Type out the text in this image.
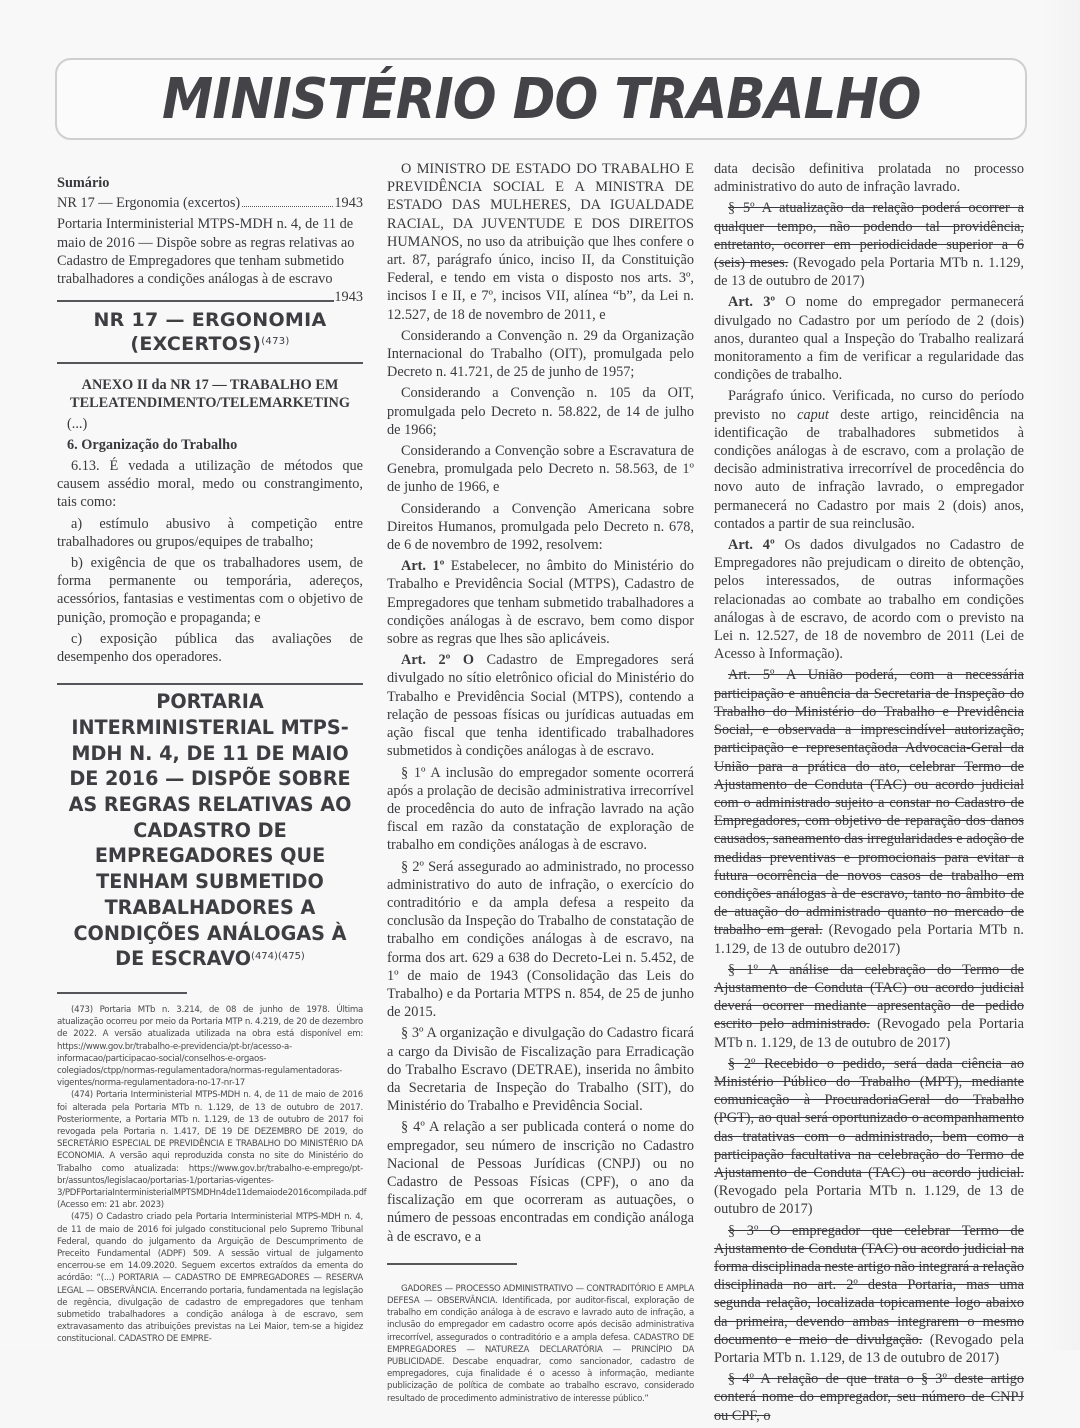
MINISTÉRIO DO TRABALHO
Sumário
NR 17 — Ergonomia (excertos)	1943
Portaria Interministerial MTPS-MDH n. 4, de 11 de maio de 2016 — Dispõe sobre as regras relativas ao Cadastro de Empregadores que tenham submetido trabalhadores a condições análogas à de escravo
1943
NR 17 — ERGONOMIA (EXCERTOS)$^{(473)}$
ANEXO II da NR 17 — TRABALHO EM TELEATENDIMENTO/TELEMARKETING

(...)

6. Organização do Trabalho

6.13. É vedada a utilização de métodos que causem assédio moral, medo ou constrangimento, tais como:

a) estímulo abusivo à competição entre trabalhadores ou grupos/equipes de trabalho;

b) exigência de que os trabalhadores usem, de forma permanente ou temporária, adereços, acessórios, fantasias e vestimentas com o objetivo de punição, promoção e propaganda; e

c) exposição pública das avaliações de desempenho dos operadores.

PORTARIA INTERMINISTERIAL MTPS-MDH N. 4, DE 11 DE MAIO DE 2016 — DISPÕE SOBRE AS REGRAS RELATIVAS AO CADASTRO DE EMPREGADORES QUE TENHAM SUBMETIDO TRABALHADORES A CONDIÇÕES ANÁLOGAS À DE $ESCRAVO^{(474)(475)}$

(473) Portaria MTb n. 3.214, de 08 de junho de 1978. Última atualização ocorreu por meio da Portaria MTP n. 4.219, de 20 de dezembro de 2022. A versão atualizada utilizada na obra está disponível em: https://www.gov.br/trabalho-e-previdencia/pt-br/acesso-a-informacao/participacao-social/conselhos-e-orgaos-colegiados/ctpp/normas-regulamentadora/normas-regulamentadoras-vigentes/norma-regulamentadora-no-17-nr-17

(474) Portaria Interministerial MTPS-MDH n. 4, de 11 de maio de 2016 foi alterada pela Portaria MTb n. 1.129, de 13 de outubro de 2017. Posteriormente, a Portaria MTb n. 1.129, de 13 de outubro de 2017 foi revogada pela Portaria n. 1.417, DE 19 DE DEZEMBRO DE 2019, do SECRETÁRIO ESPECIAL DE PREVIDÊNCIA E TRABALHO DO MINISTÉRIO DA ECONOMIA. A versão aqui reproduzida consta no site do Ministério do Trabalho como atualizada: https://www.gov.br/trabalho-e-emprego/pt-br/assuntos/legislacao/portarias-1/portarias-vigentes-3/PDFPortariaInterministerialMPTSMDHn4de11demaiode2016compilada.pdf (Acesso em: 21 abr. 2023)

(475) O Cadastro criado pela Portaria Interministerial MTPS-MDH n. 4, de 11 de maio de 2016 foi julgado constitucional pelo Supremo Tribunal Federal, quando do julgamento da Arguição de Descumprimento de Preceito Fundamental (ADPF) 509. A sessão virtual de julgamento encerrou-se em 14.09.2020. Seguem excertos extraídos da ementa do acórdão: “(...) PORTARIA — CADASTRO DE EMPREGADORES — RESERVA LEGAL — OBSERVÂNCIA. Encerrando portaria, fundamentada na legislação de regência, divulgação de cadastro de empregadores que tenham submetido trabalhadores a condição análoga à de escravo, sem extravasamento das atribuições previstas na Lei Maior, tem-se a higidez constitucional. CADASTRO DE EMPRE-

O MINISTRO DE ESTADO DO TRABALHO E PREVIDÊNCIA SOCIAL E A MINISTRA DE ESTADO DAS MULHERES, DA IGUALDADE RACIAL, DA JUVENTUDE E DOS DIREITOS HUMANOS, no uso da atribuição que lhes confere o art. 87, parágrafo único, inciso II, da Constituição Federal, e tendo em vista o disposto nos arts. 3º, incisos I e II, e 7º, incisos VII, alínea “b”, da Lei n. 12.527, de 18 de novembro de 2011, e

Considerando a Convenção n. 29 da Organização Internacional do Trabalho (OIT), promulgada pelo Decreto n. 41.721, de 25 de junho de 1957;

Considerando a Convenção n. 105 da OIT, promulgada pelo Decreto n. 58.822, de 14 de julho de 1966;

Considerando a Convenção sobre a Escravatura de Genebra, promulgada pelo Decreto n. 58.563, de 1º de junho de 1966, e

Considerando a Convenção Americana sobre Direitos Humanos, promulgada pelo Decreto n. 678, de 6 de novembro de 1992, resolvem:

Art. 1º Estabelecer, no âmbito do Ministério do Trabalho e Previdência Social (MTPS), Cadastro de Empregadores que tenham submetido trabalhadores a condições análogas à de escravo, bem como dispor sobre as regras que lhes são aplicáveis.

Art. 2º O Cadastro de Empregadores será divulgado no sítio eletrônico oficial do Ministério do Trabalho e Previdência Social (MTPS), contendo a relação de pessoas físicas ou jurídicas autuadas em ação fiscal que tenha identificado trabalhadores submetidos à condições análogas à de escravo.

§ 1º A inclusão do empregador somente ocorrerá após a prolação de decisão administrativa irrecorrível de procedência do auto de infração lavrado na ação fiscal em razão da constatação de exploração de trabalho em condições análogas à de escravo.

§ 2º Será assegurado ao administrado, no processo administrativo do auto de infração, o exercício do contraditório e da ampla defesa a respeito da conclusão da Inspeção do Trabalho de constatação de trabalho em condições análogas à de escravo, na forma dos art. 629 a 638 do Decreto-Lei n. 5.452, de 1º de maio de 1943 (Consolidação das Leis do Trabalho) e da Portaria MTPS n. 854, de 25 de junho de 2015.

§ 3º A organização e divulgação do Cadastro ficará a cargo da Divisão de Fiscalização para Erradicação do Trabalho Escravo (DETRAE), inserida no âmbito da Secretaria de Inspeção do Trabalho (SIT), do Ministério do Trabalho e Previdência Social.

§ 4º A relação a ser publicada conterá o nome do empregador, seu número de inscrição no Cadastro Nacional de Pessoas Jurídicas (CNPJ) ou no Cadastro de Pessoas Físicas (CPF), o ano da fiscalização em que ocorreram as autuações, o número de pessoas encontradas em condição análoga à de escravo, e a

GADORES — PROCESSO ADMINISTRATIVO — CONTRADITÓRIO E AMPLA DEFESA — OBSERVÂNCIA. Identificada, por auditor-fiscal, exploração de trabalho em condição análoga à de escravo e lavrado auto de infração, a inclusão do empregador em cadastro ocorre após decisão administrativa irrecorrível, assegurados o contraditório e a ampla defesa. CADASTRO DE EMPREGADORES — NATUREZA DECLARATÓRIA — PRINCÍPIO DA PUBLICIDADE. Descabe enquadrar, como sancionador, cadastro de empregadores, cuja finalidade é o acesso à informação, mediante publicização de política de combate ao trabalho escravo, considerado resultado de procedimento administrativo de interesse público.”

data decisão definitiva prolatada no processo administrativo do auto de infração lavrado.

§ 5º A atualização da relação poderá ocorrer a qualquer tempo, não podendo tal providência, entretanto, ocorrer em periodicidade superior a 6 (seis) meses. (Revogado pela Portaria MTb n. 1.129, de 13 de outubro de 2017)

Art. 3º O nome do empregador permanecerá divulgado no Cadastro por um período de 2 (dois) anos, duranteo qual a Inspeção do Trabalho realizará monitoramento a fim de verificar a regularidade das condições de trabalho.

Parágrafo único. Verificada, no curso do período previsto no caput deste artigo, reincidência na identificação de trabalhadores submetidos à condições análogas à de escravo, com a prolação de decisão administrativa irrecorrível de procedência do novo auto de infração lavrado, o empregador permanecerá no Cadastro por mais 2 (dois) anos, contados a partir de sua reinclusão.

Art. 4º Os dados divulgados no Cadastro de Empregadores não prejudicam o direito de obtenção, pelos interessados, de outras informações relacionadas ao combate ao trabalho em condições análogas à de escravo, de acordo com o previsto na Lei n. 12.527, de 18 de novembro de 2011 (Lei de Acesso à Informação).

Art. 5º A União poderá, com a necessária participação e anuência da Secretaria de Inspeção do Trabalho do Ministério do Trabalho e Previdência Social, e observada a imprescindível autorização, participação e representaçãoda Advocacia-Geral da União para a prática do ato, celebrar Termo de Ajustamento de Conduta (TAC) ou acordo judicial com o administrado sujeito a constar no Cadastro de Empregadores, com objetivo de reparação dos danos causados, saneamento das irregularidades e adoção de medidas preventivas e promocionais para evitar a futura ocorrência de novos casos de trabalho em condições análogas à de escravo, tanto no âmbito de de atuação do administrado quanto no mercado de trabalho em geral. (Revogado pela Portaria MTb n. 1.129, de 13 de outubro de2017)

§ 1º A análise da celebração do Termo de Ajustamento de Conduta (TAC) ou acordo judicial deverá ocorrer mediante apresentação de pedido escrito pelo administrado. (Revogado pela Portaria MTb n. 1.129, de 13 de outubro de 2017)

§ 2º Recebido o pedido, será dada ciência ao Ministério Público do Trabalho (MPT), mediante comunicação à ProcuradoriaGeral do Trabalho (PGT), ao qual será oportunizado o acompanhamento das tratativas com o administrado, bem como a participação facultativa na celebração do Termo de Ajustamento de Conduta (TAC) ou acordo judicial. (Revogado pela Portaria MTb n. 1.129, de 13 de outubro de 2017)

§ 3º O empregador que celebrar Termo de Ajustamento de Conduta (TAC) ou acordo judicial na forma disciplinada neste artigo não integrará a relação disciplinada no art. 2º desta Portaria, mas uma segunda relação, localizada topicamente logo abaixo da primeira, devendo ambas integrarem o mesmo documento e meio de divulgação. (Revogado pela Portaria MTb n. 1.129, de 13 de outubro de 2017)

§ 4º A relação de que trata o § 3º deste artigo conterá nome do empregador, seu número de CNPJ ou CPF, o
